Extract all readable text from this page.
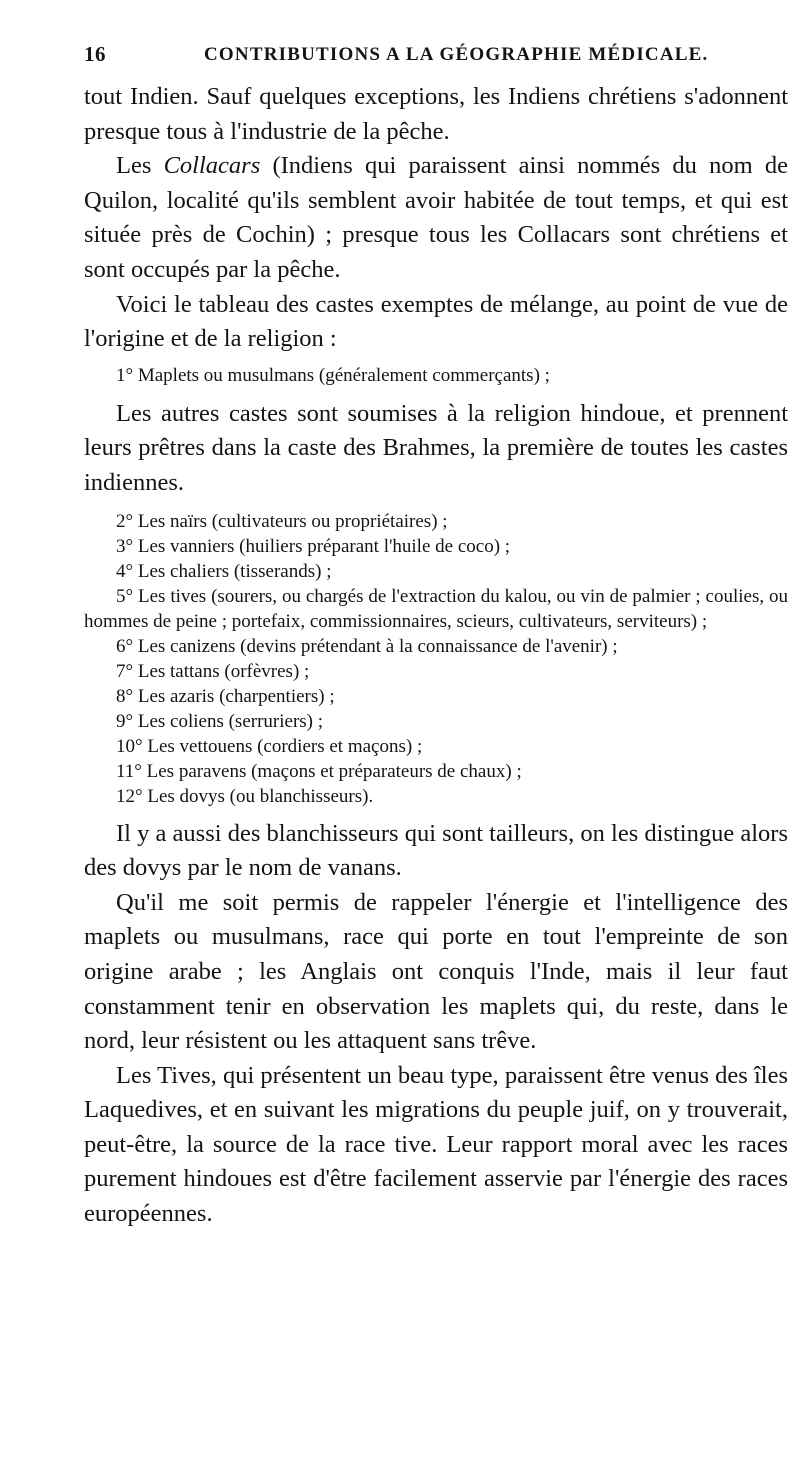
16	CONTRIBUTIONS A LA GÉOGRAPHIE MÉDICALE.

tout Indien. Sauf quelques exceptions, les Indiens chrétiens s'adonnent presque tous à l'industrie de la pêche.

Les Collacars (Indiens qui paraissent ainsi nommés du nom de Quilon, localité qu'ils semblent avoir habitée de tout temps, et qui est située près de Cochin) ; presque tous les Collacars sont chrétiens et sont occupés par la pêche.

Voici le tableau des castes exemptes de mélange, au point de vue de l'origine et de la religion :

1° Maplets ou musulmans (généralement commerçants) ;

Les autres castes sont soumises à la religion hindoue, et prennent leurs prêtres dans la caste des Brahmes, la première de toutes les castes indiennes.

2° Les naïrs (cultivateurs ou propriétaires) ;

3° Les vanniers (huiliers préparant l'huile de coco) ;

4° Les chaliers (tisserands) ;

5° Les tives (sourers, ou chargés de l'extraction du kalou, ou vin de palmier ; coulies, ou hommes de peine ; portefaix, commissionnaires, scieurs, cultivateurs, serviteurs) ;

6° Les canizens (devins prétendant à la connaissance de l'avenir) ;

7° Les tattans (orfèvres) ;

8° Les azaris (charpentiers) ;

9° Les coliens (serruriers) ;

10° Les vettouens (cordiers et maçons) ;

11° Les paravens (maçons et préparateurs de chaux) ;

12° Les dovys (ou blanchisseurs).

Il y a aussi des blanchisseurs qui sont tailleurs, on les distingue alors des dovys par le nom de vanans.

Qu'il me soit permis de rappeler l'énergie et l'intelligence des maplets ou musulmans, race qui porte en tout l'empreinte de son origine arabe ; les Anglais ont conquis l'Inde, mais il leur faut constamment tenir en observation les maplets qui, du reste, dans le nord, leur résistent ou les attaquent sans trêve.

Les Tives, qui présentent un beau type, paraissent être venus des îles Laquedives, et en suivant les migrations du peuple juif, on y trouverait, peut-être, la source de la race tive. Leur rapport moral avec les races purement hindoues est d'être facilement asservie par l'énergie des races européennes.
